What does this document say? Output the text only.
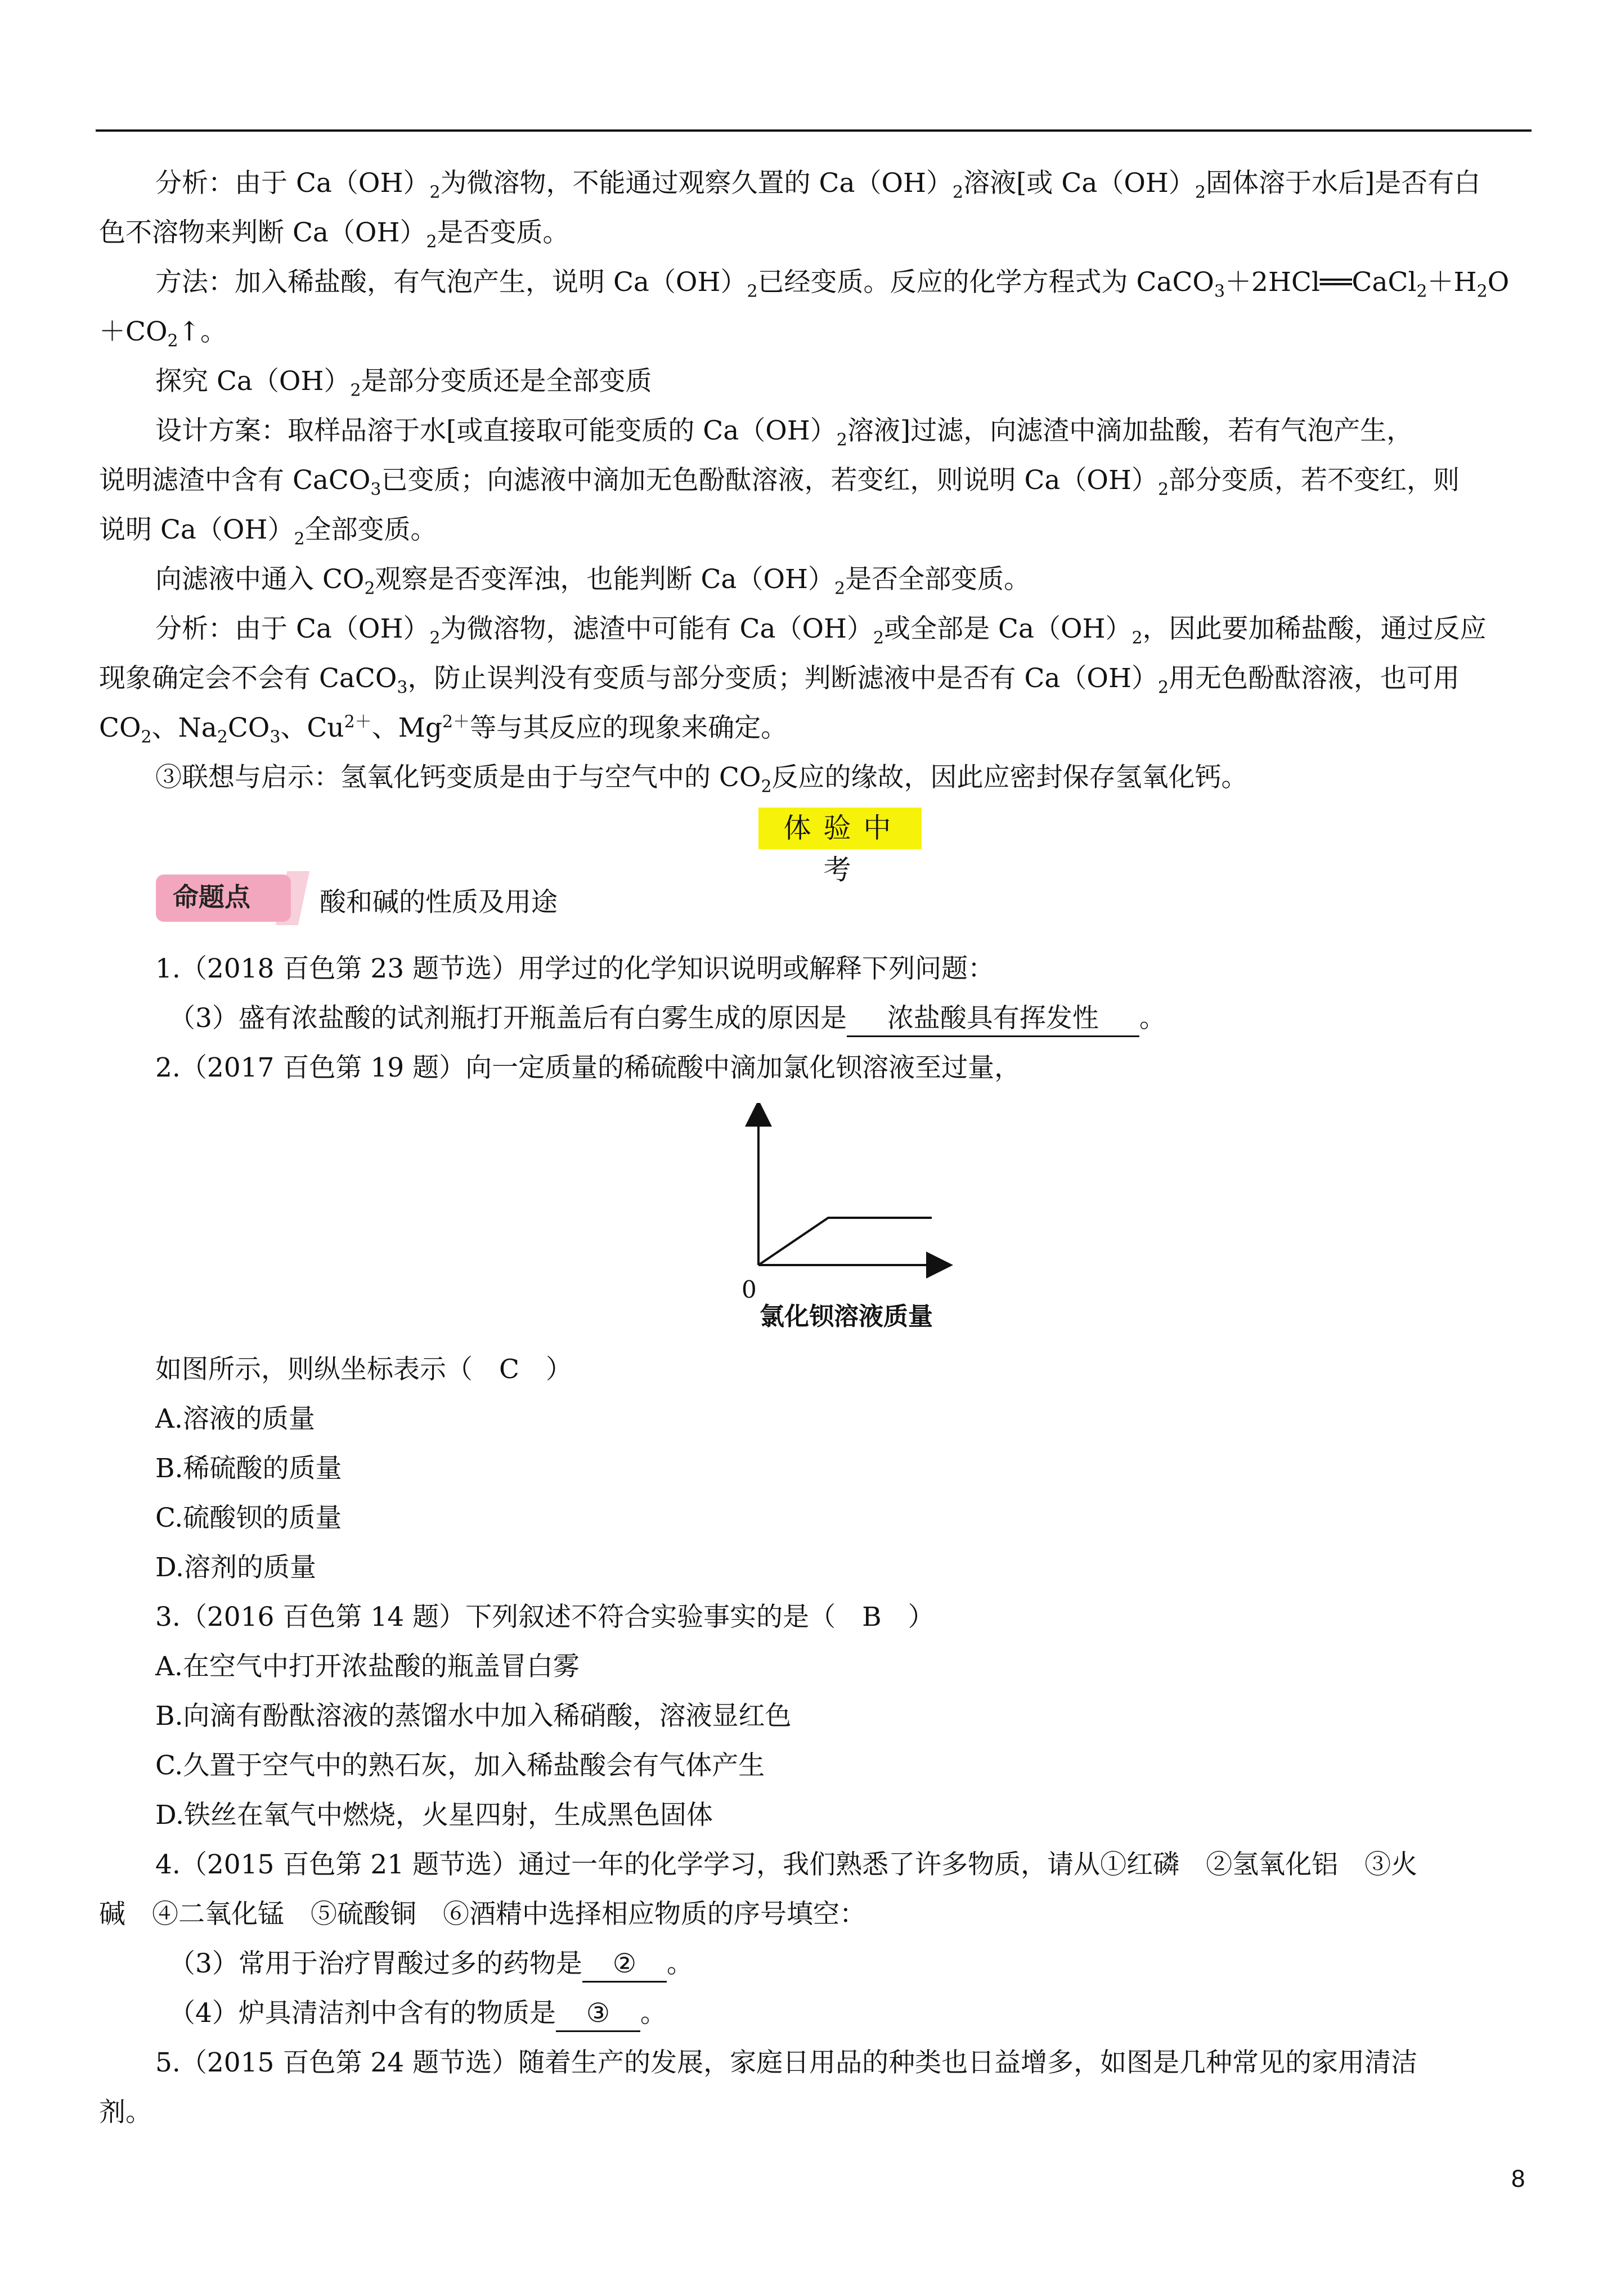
分析：由于 $Ca(OH)_2$为微溶物，不能通过观察久置的 $Ca(OH)_2$溶液[或 $Ca(OH)_2$固体溶于水后]是否有白
色不溶物来判断 $Ca(OH)_2$是否变质。
方法：加入稀盐酸，有气泡产生，说明 $Ca(OH)_2$已经变质。反应的化学方程式为 $CaCO_3+2HCl══CaCl_2+H_2O$
$+CO_2↑$。
探究 $Ca(OH)_2$是部分变质还是全部变质
设计方案：取样品溶于水[或直接取可能变质的 $Ca(OH)_2$溶液]过滤，向滤渣中滴加盐酸，若有气泡产生，
说明滤渣中含有 CaCO$_3$已变质；向滤液中滴加无色酚酞溶液，若变红，则说明 $Ca(OH)_2$部分变质，若不变红，则
说明 $Ca(OH)_2$全部变质。
向滤液中通入 $CO_2$观察是否变浑浊，也能判断 $Ca(OH)_2$是否全部变质。
分析：由于 $Ca(OH)_2$为微溶物，滤渣中可能有 $Ca(OH)_2$或全部是 $Ca(OH)_2$，因此要加稀盐酸，通过反应
现象确定会不会有 CaCO$_3$，防止误判没有变质与部分变质；判断滤液中是否有 $Ca(OH)_2$用无色酚酞溶液，也可用
$CO_2$、$Na_2CO_3$、$Cu^{2+}$、$Mg^{2+}$等与其反应的现象来确定。
③联想与启示：氢氧化钙变质是由于与空气中的 $CO_2$反应的缘故，因此应密封保存氢氧化钙。
体验中考
命题点	酸和碱的性质及用途
1.（2018 百色第 23 题节选）用学过的化学知识说明或解释下列问题：
（3）盛有浓盐酸的试剂瓶打开瓶盖后有白雾生成的原因是 浓盐酸具有挥发性 。
2.（2017 百色第 19 题）向一定质量的稀硫酸中滴加氯化钡溶液至过量，
0
氯化钡溶液质量
如图所示，则纵坐标表示（　C　）
A.溶液的质量
B.稀硫酸的质量
C.硫酸钡的质量
D.溶剂的质量
3.（2016 百色第 14 题）下列叙述不符合实验事实的是（　B　）
A.在空气中打开浓盐酸的瓶盖冒白雾
B.向滴有酚酞溶液的蒸馏水中加入稀硝酸，溶液显红色
C.久置于空气中的熟石灰，加入稀盐酸会有气体产生
D.铁丝在氧气中燃烧，火星四射，生成黑色固体
4.（2015 百色第 21 题节选）通过一年的化学学习，我们熟悉了许多物质，请从①红磷　②氢氧化铝　③火
碱　④二氧化锰　⑤硫酸铜　⑥酒精中选择相应物质的序号填空：
（3）常用于治疗胃酸过多的药物是 ② 。
（4）炉具清洁剂中含有的物质是 ③ 。
5.（2015 百色第 24 题节选）随着生产的发展，家庭日用品的种类也日益增多，如图是几种常见的家用清洁
剂。
8
